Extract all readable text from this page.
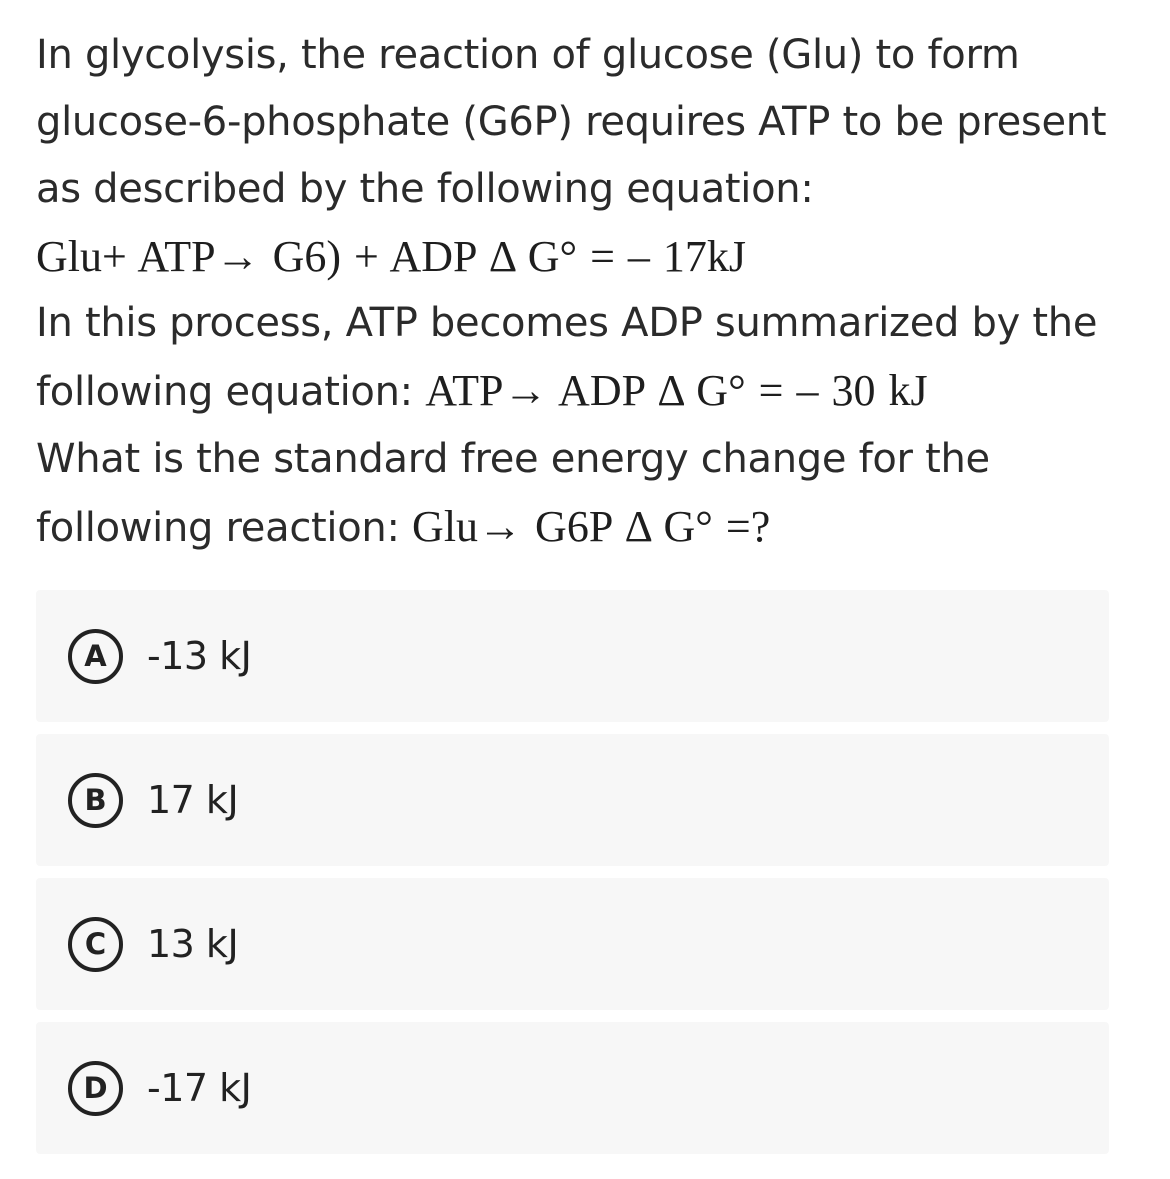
In glycolysis, the reaction of glucose (Glu) to form
glucose-6-phosphate (G6P) requires ATP to be present
as described by the following equation:
Glu+ ATP→ G6) + ADP Δ G° = – 17kJ
In this process, ATP becomes ADP summarized by the
following equation: ATP→ ADP Δ G° = – 30 kJ
What is the standard free energy change for the
following reaction: Glu→ G6P Δ G° =?
A	-13 kJ
B	17 kJ
C	13 kJ
D	-17 kJ
